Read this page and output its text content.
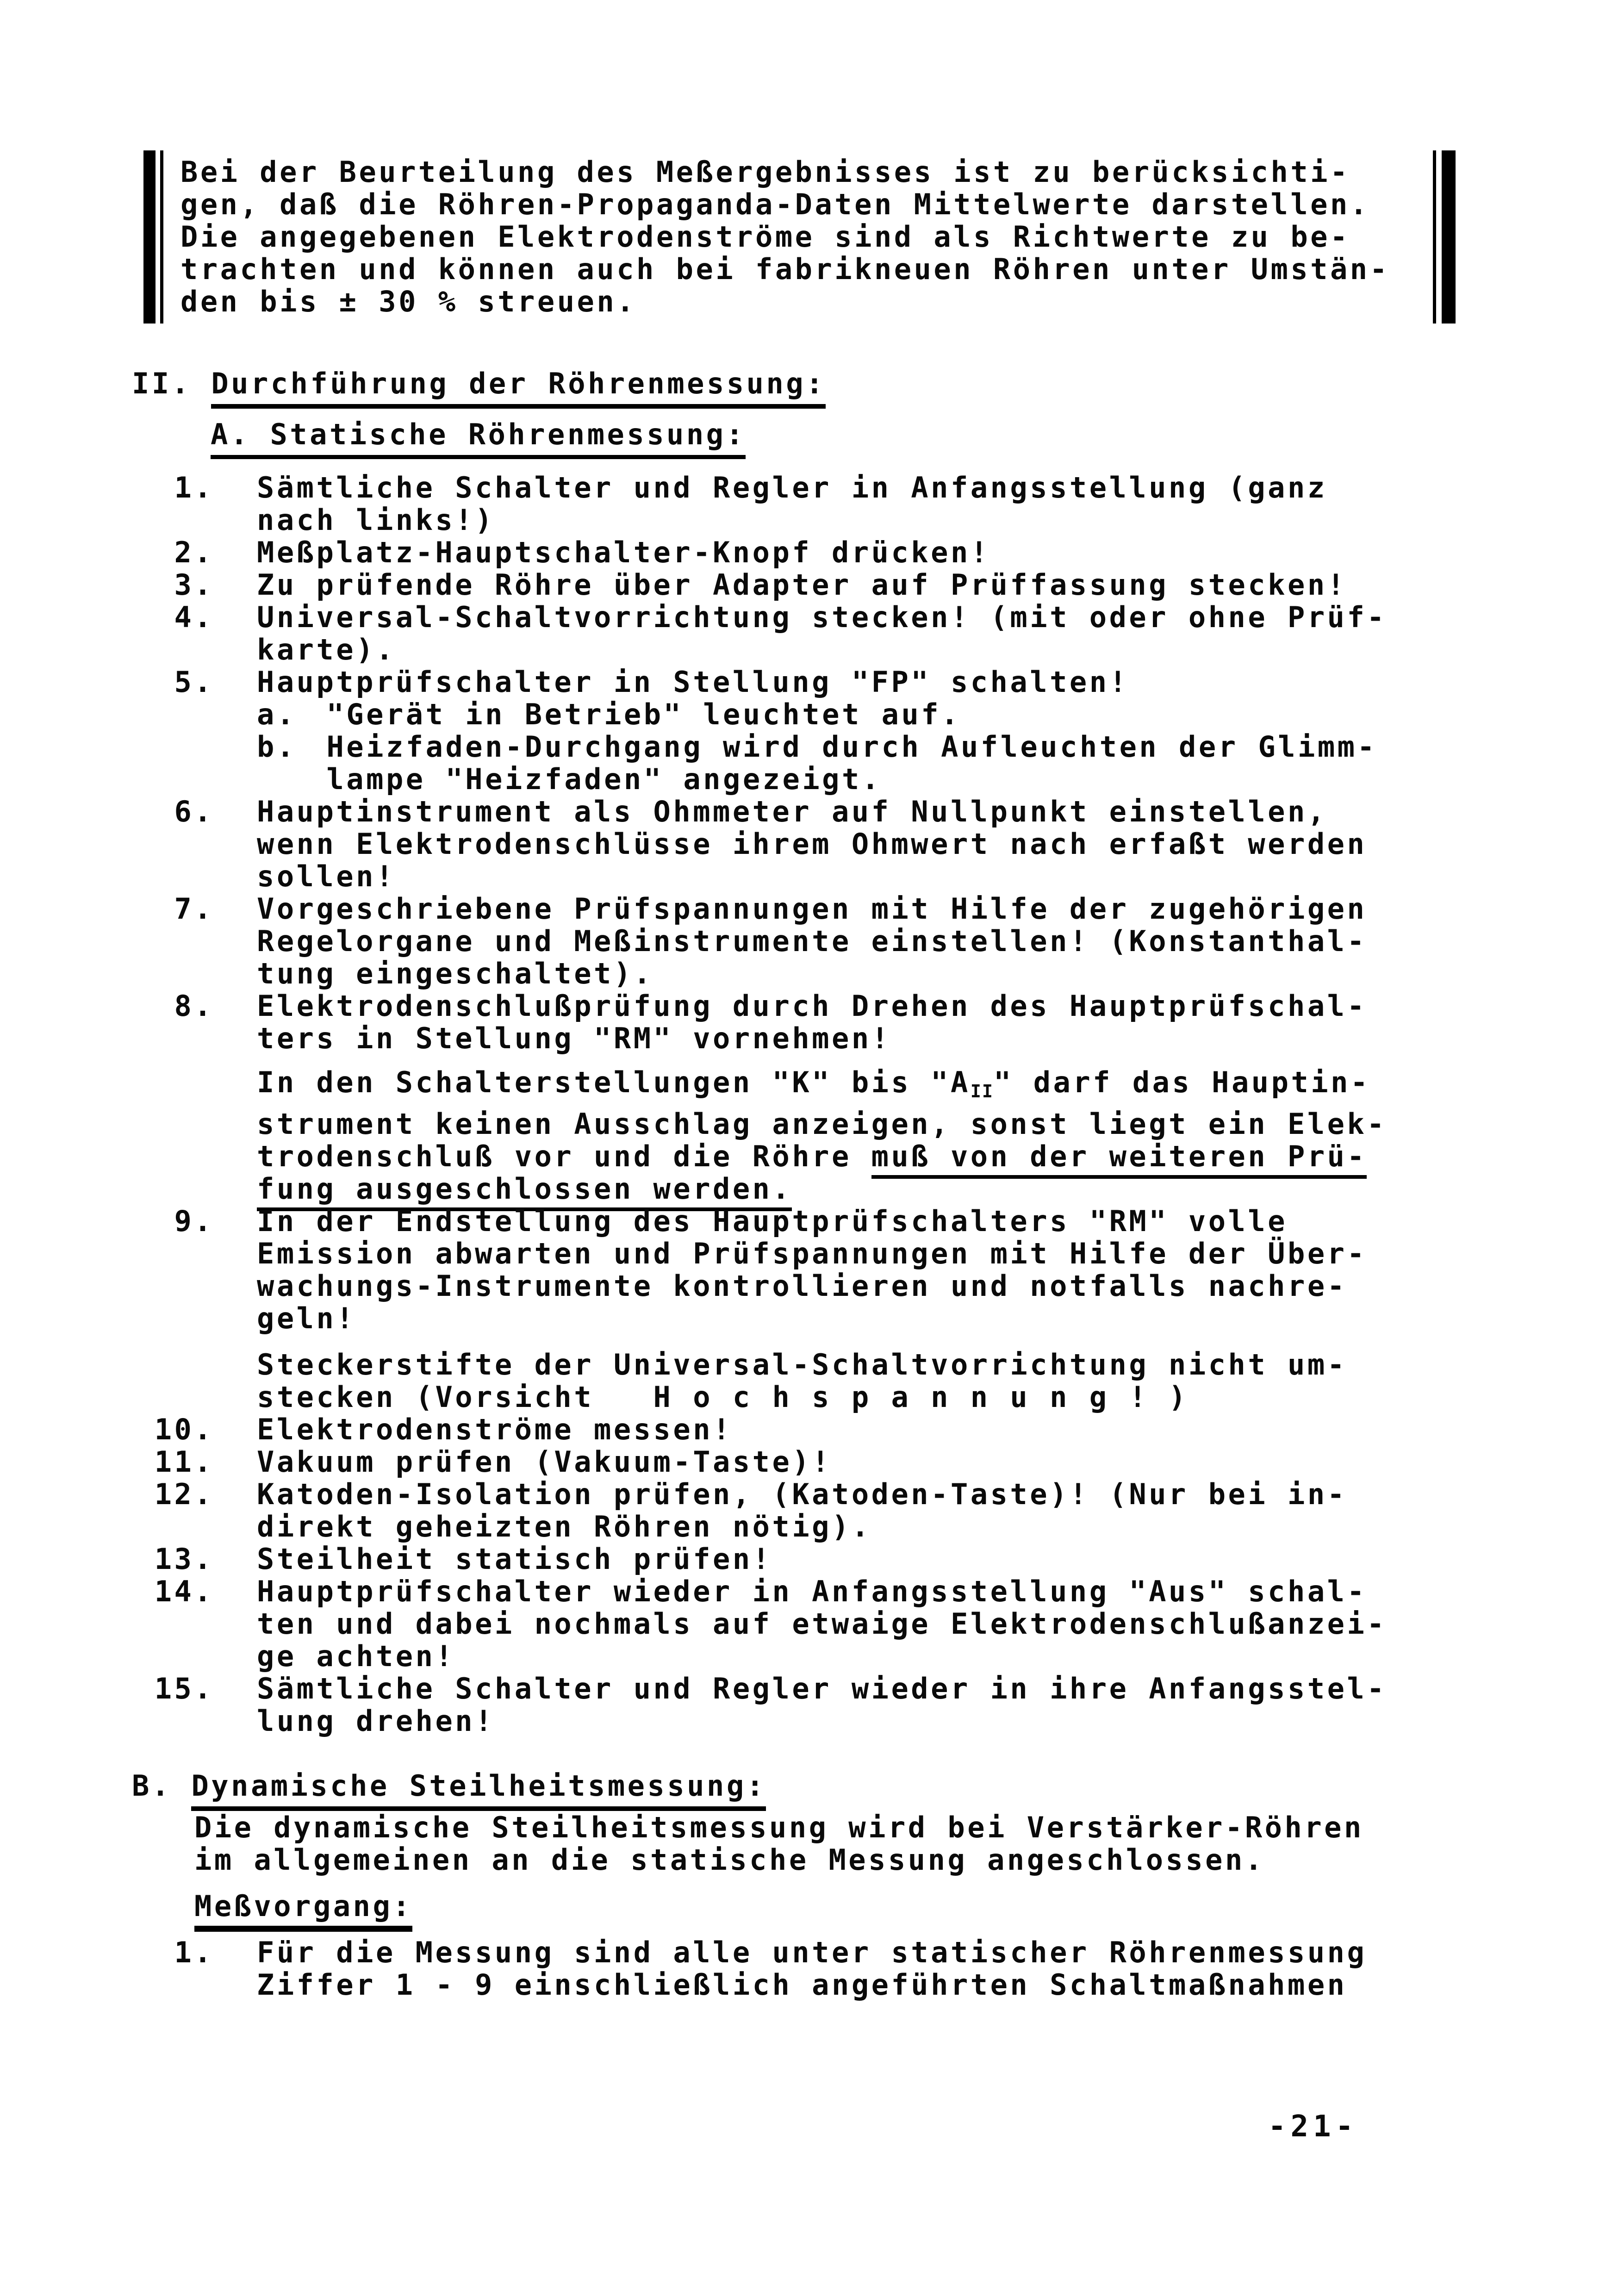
Bei der Beurteilung des Meßergebnisses ist zu berücksichti-
gen, daß die Röhren-Propaganda-Daten Mittelwerte darstellen.
Die angegebenen Elektrodenströme sind als Richtwerte zu be-
trachten und können auch bei fabrikneuen Röhren unter Umstän-
den bis ± 30 % streuen.
II. Durchführung der Röhrenmessung:
A. Statische Röhrenmessung:
1. Sämtliche Schalter und Regler in Anfangsstellung (ganz
nach links!)
2. Meßplatz-Hauptschalter-Knopf drücken!
3. Zu prüfende Röhre über Adapter auf Prüffassung stecken!
4. Universal-Schaltvorrichtung stecken! (mit oder ohne Prüf-
karte).
5. Hauptprüfschalter in Stellung "FP" schalten!
a. "Gerät in Betrieb" leuchtet auf.
b. Heizfaden-Durchgang wird durch Aufleuchten der Glimm-
lampe "Heizfaden" angezeigt.
6. Hauptinstrument als Ohmmeter auf Nullpunkt einstellen,
wenn Elektrodenschlüsse ihrem Ohmwert nach erfaßt werden
sollen!
7. Vorgeschriebene Prüfspannungen mit Hilfe der zugehörigen
Regelorgane und Meßinstrumente einstellen! (Konstanthal-
tung eingeschaltet).
8. Elektrodenschlußprüfung durch Drehen des Hauptprüfschal-
ters in Stellung "RM" vornehmen!
In den Schalterstellungen "K" bis "$A_{II}$" darf das Hauptin-
strument keinen Ausschlag anzeigen, sonst liegt ein Elek-
trodenschluß vor und die Röhre muß von der weiteren Prü-
fung ausgeschlossen werden.
9. In der Endstellung des Hauptprüfschalters "RM" volle
Emission abwarten und Prüfspannungen mit Hilfe der Über-
wachungs-Instrumente kontrollieren und notfalls nachre-
geln!
Steckerstifte der Universal-Schaltvorrichtung nicht um-
stecken (Vorsicht   H o c h s p a n n u n g ! )
10. Elektrodenströme messen!
11. Vakuum prüfen (Vakuum-Taste)!
12. Katoden-Isolation prüfen, (Katoden-Taste)! (Nur bei in-
direkt geheizten Röhren nötig).
13. Steilheit statisch prüfen!
14. Hauptprüfschalter wieder in Anfangsstellung "Aus" schal-
ten und dabei nochmals auf etwaige Elektrodenschlußanzei-
ge achten!
15. Sämtliche Schalter und Regler wieder in ihre Anfangsstel-
lung drehen!
B. Dynamische Steilheitsmessung:
Die dynamische Steilheitsmessung wird bei Verstärker-Röhren
im allgemeinen an die statische Messung angeschlossen.
Meßvorgang:
1. Für die Messung sind alle unter statischer Röhrenmessung
Ziffer 1 - 9 einschließlich angeführten Schaltmaßnahmen
-21-
